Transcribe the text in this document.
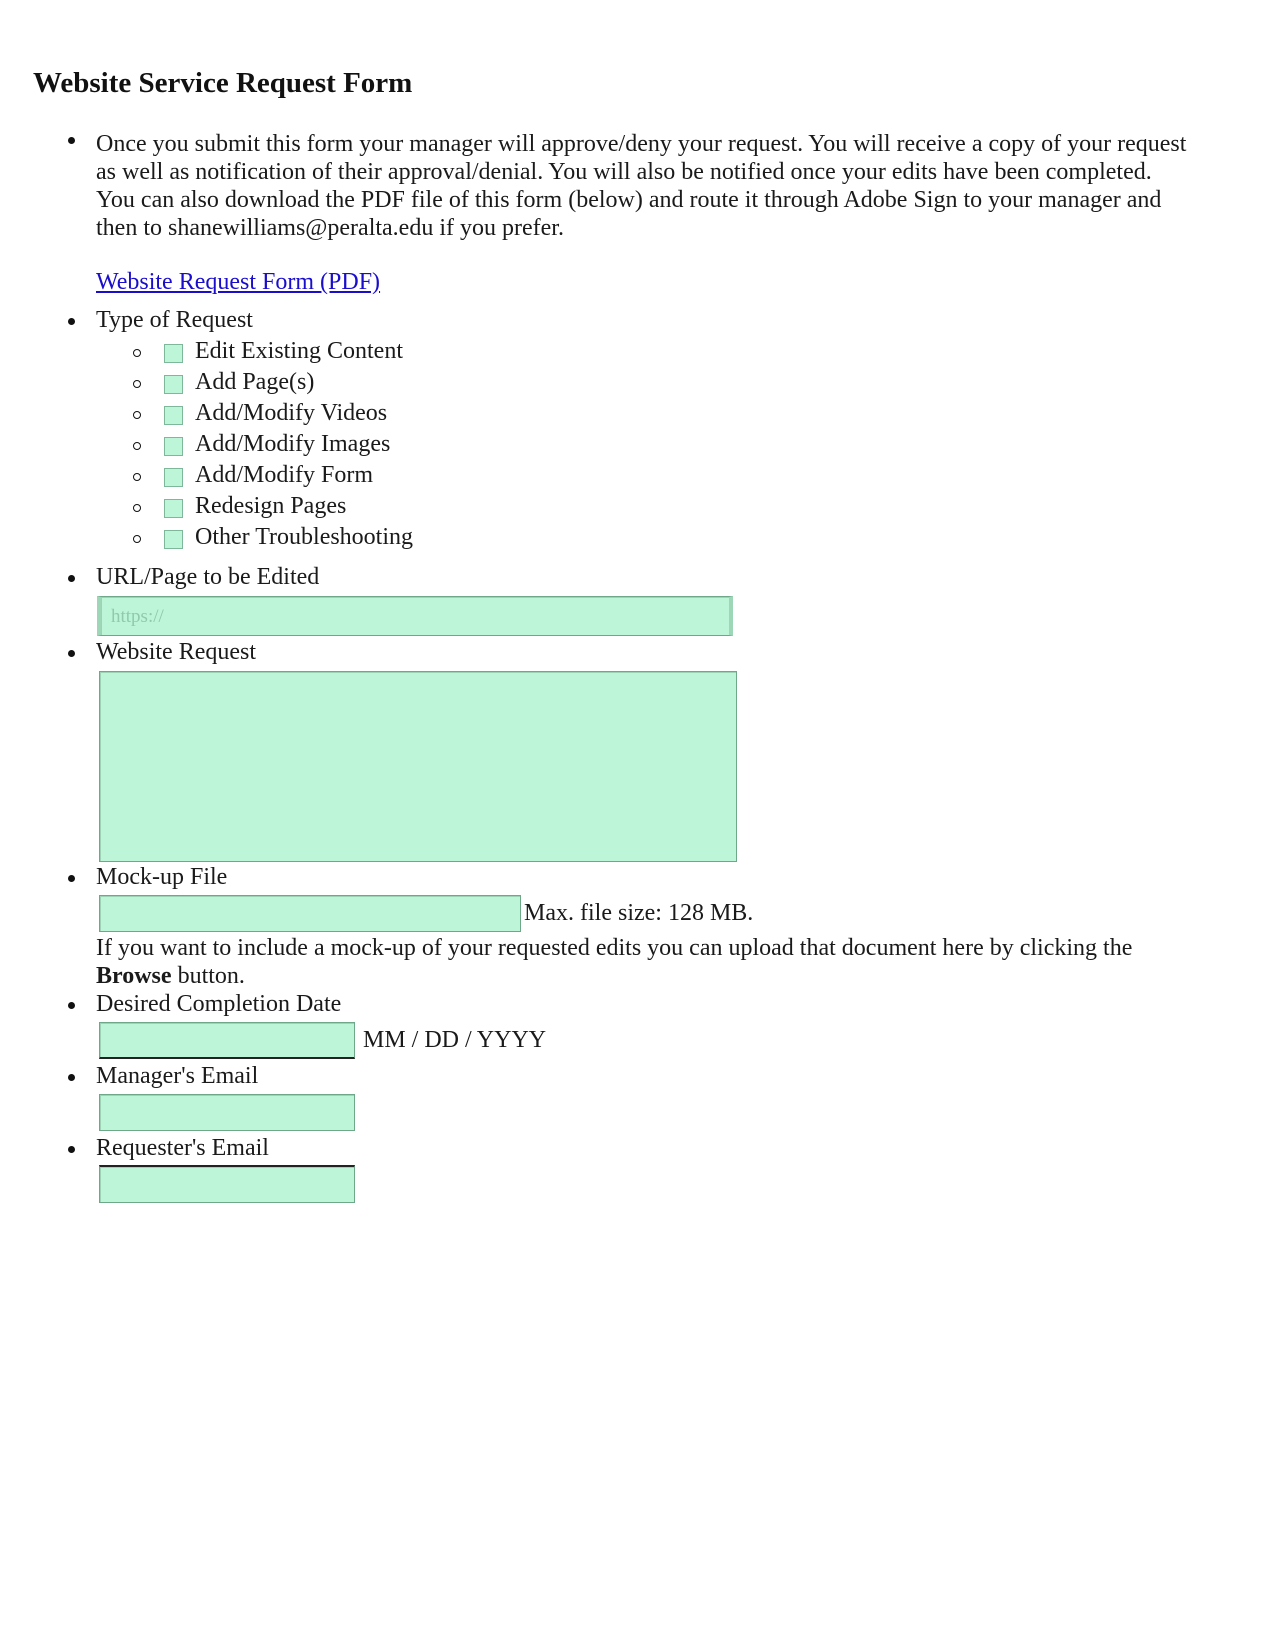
Website Service Request Form
Once you submit this form your manager will approve/deny your request. You will receive a copy of your request
as well as notification of their approval/denial. You will also be notified once your edits have been completed.
You can also download the PDF file of this form (below) and route it through Adobe Sign to your manager and
then to shanewilliams@peralta.edu if you prefer.
Website Request Form (PDF)
Type of Request
Edit Existing Content
Add Page(s)
Add/Modify Videos
Add/Modify Images
Add/Modify Form
Redesign Pages
Other Troubleshooting
URL/Page to be Edited
https://
Website Request
Mock-up File
Max. file size: 128 MB.
If you want to include a mock-up of your requested edits you can upload that document here by clicking the
Browse button.
Desired Completion Date
MM / DD / YYYY
Manager's Email
Requester's Email
